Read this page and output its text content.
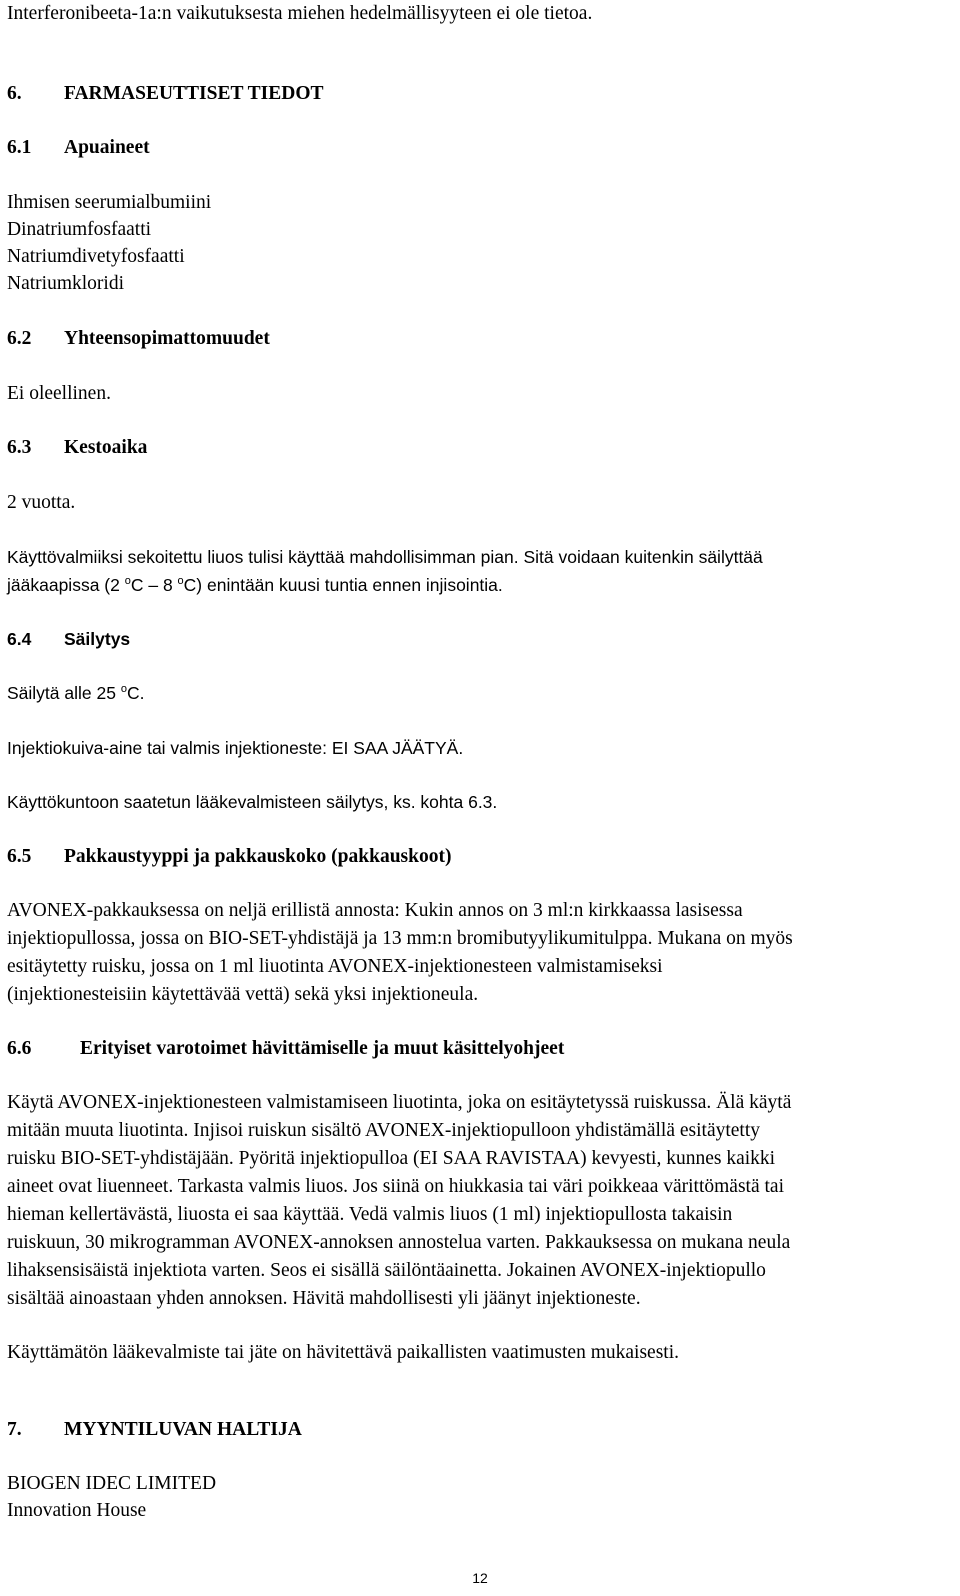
Interferonibeeta-1a:n vaikutuksesta miehen hedelmällisyyteen ei ole tietoa.
6. FARMASEUTTISET TIEDOT
6.1 Apuaineet
Ihmisen seerumialbumiini
Dinatriumfosfaatti
Natriumdivetyfosfaatti
Natriumkloridi
6.2 Yhteensopimattomuudet
Ei oleellinen.
6.3 Kestoaika
2 vuotta.
Käyttövalmiiksi sekoitettu liuos tulisi käyttää mahdollisimman pian. Sitä voidaan kuitenkin säilyttää
jääkaapissa (2 $^o$C – 8 $^o$C) enintään kuusi tuntia ennen injisointia.
6.4 Säilytys
Säilytä alle 25 $^o$C.
Injektiokuiva-aine tai valmis injektioneste: EI SAA JÄÄTYÄ.
Käyttökuntoon saatetun lääkevalmisteen säilytys, ks. kohta 6.3.
6.5 Pakkaustyyppi ja pakkauskoko (pakkauskoot)
AVONEX-pakkauksessa on neljä erillistä annosta: Kukin annos on 3 ml:n kirkkaassa lasisessa
injektiopullossa, jossa on BIO-SET-yhdistäjä ja 13 mm:n bromibutyylikumitulppa. Mukana on myös
esitäytetty ruisku, jossa on 1 ml liuotinta AVONEX-injektionesteen valmistamiseksi
(injektionesteisiin käytettävää vettä) sekä yksi injektioneula.
6.6 Erityiset varotoimet hävittämiselle ja muut käsittelyohjeet
Käytä AVONEX-injektionesteen valmistamiseen liuotinta, joka on esitäytetyssä ruiskussa. Älä käytä
mitään muuta liuotinta. Injisoi ruiskun sisältö AVONEX-injektiopulloon yhdistämällä esitäytetty
ruisku BIO-SET-yhdistäjään. Pyöritä injektiopulloa (EI SAA RAVISTAA) kevyesti, kunnes kaikki
aineet ovat liuenneet. Tarkasta valmis liuos. Jos siinä on hiukkasia tai väri poikkeaa värittömästä tai
hieman kellertävästä, liuosta ei saa käyttää. Vedä valmis liuos (1 ml) injektiopullosta takaisin
ruiskuun, 30 mikrogramman AVONEX-annoksen annostelua varten. Pakkauksessa on mukana neula
lihaksensisäistä injektiota varten. Seos ei sisällä säilöntäainetta. Jokainen AVONEX-injektiopullo
sisältää ainoastaan yhden annoksen. Hävitä mahdollisesti yli jäänyt injektioneste.
Käyttämätön lääkevalmiste tai jäte on hävitettävä paikallisten vaatimusten mukaisesti.
7. MYYNTILUVAN HALTIJA
BIOGEN IDEC LIMITED
Innovation House
12
